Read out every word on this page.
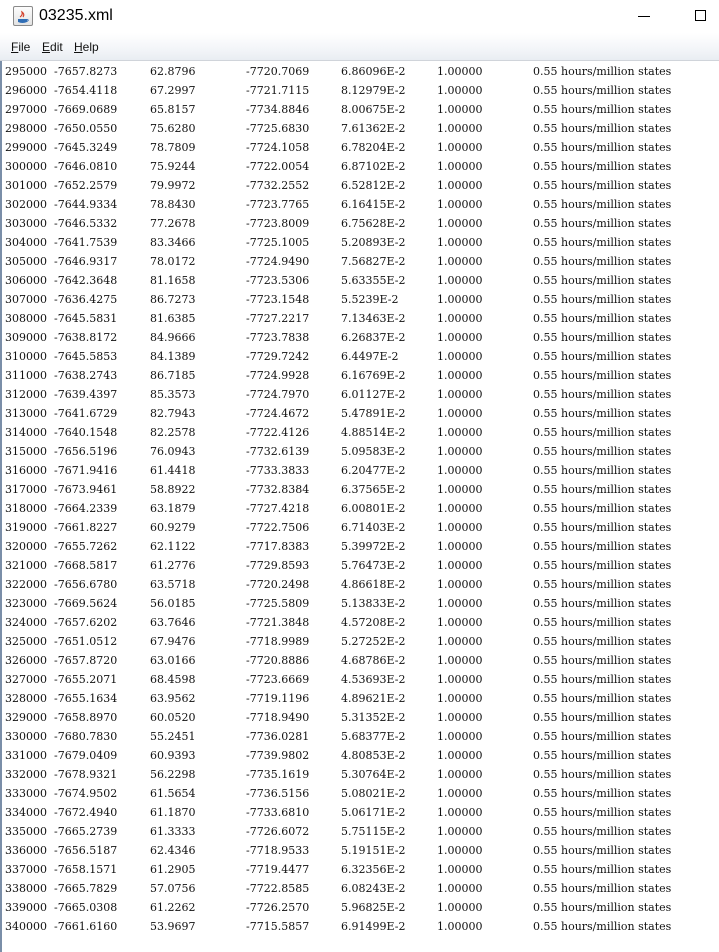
03235.xml
File Edit Help
295000 -7657.8273	62.8796	-7720.7069	6.86096E-2	1.00000	0.55 hours/million states
296000 -7654.4118	67.2997	-7721.7115	8.12979E-2	1.00000	0.55 hours/million states
297000 -7669.0689	65.8157	-7734.8846	8.00675E-2	1.00000	0.55 hours/million states
298000 -7650.0550	75.6280	-7725.6830	7.61362E-2	1.00000	0.55 hours/million states
299000 -7645.3249	78.7809	-7724.1058	6.78204E-2	1.00000	0.55 hours/million states
300000 -7646.0810	75.9244	-7722.0054	6.87102E-2	1.00000	0.55 hours/million states
301000 -7652.2579	79.9972	-7732.2552	6.52812E-2	1.00000	0.55 hours/million states
302000 -7644.9334	78.8430	-7723.7765	6.16415E-2	1.00000	0.55 hours/million states
303000 -7646.5332	77.2678	-7723.8009	6.75628E-2	1.00000	0.55 hours/million states
304000 -7641.7539	83.3466	-7725.1005	5.20893E-2	1.00000	0.55 hours/million states
305000 -7646.9317	78.0172	-7724.9490	7.56827E-2	1.00000	0.55 hours/million states
306000 -7642.3648	81.1658	-7723.5306	5.63355E-2	1.00000	0.55 hours/million states
307000 -7636.4275	86.7273	-7723.1548	5.5239E-2	1.00000	0.55 hours/million states
308000 -7645.5831	81.6385	-7727.2217	7.13463E-2	1.00000	0.55 hours/million states
309000 -7638.8172	84.9666	-7723.7838	6.26837E-2	1.00000	0.55 hours/million states
310000 -7645.5853	84.1389	-7729.7242	6.4497E-2	1.00000	0.55 hours/million states
311000 -7638.2743	86.7185	-7724.9928	6.16769E-2	1.00000	0.55 hours/million states
312000 -7639.4397	85.3573	-7724.7970	6.01127E-2	1.00000	0.55 hours/million states
313000 -7641.6729	82.7943	-7724.4672	5.47891E-2	1.00000	0.55 hours/million states
314000 -7640.1548	82.2578	-7722.4126	4.88514E-2	1.00000	0.55 hours/million states
315000 -7656.5196	76.0943	-7732.6139	5.09583E-2	1.00000	0.55 hours/million states
316000 -7671.9416	61.4418	-7733.3833	6.20477E-2	1.00000	0.55 hours/million states
317000 -7673.9461	58.8922	-7732.8384	6.37565E-2	1.00000	0.55 hours/million states
318000 -7664.2339	63.1879	-7727.4218	6.00801E-2	1.00000	0.55 hours/million states
319000 -7661.8227	60.9279	-7722.7506	6.71403E-2	1.00000	0.55 hours/million states
320000 -7655.7262	62.1122	-7717.8383	5.39972E-2	1.00000	0.55 hours/million states
321000 -7668.5817	61.2776	-7729.8593	5.76473E-2	1.00000	0.55 hours/million states
322000 -7656.6780	63.5718	-7720.2498	4.86618E-2	1.00000	0.55 hours/million states
323000 -7669.5624	56.0185	-7725.5809	5.13833E-2	1.00000	0.55 hours/million states
324000 -7657.6202	63.7646	-7721.3848	4.57208E-2	1.00000	0.55 hours/million states
325000 -7651.0512	67.9476	-7718.9989	5.27252E-2	1.00000	0.55 hours/million states
326000 -7657.8720	63.0166	-7720.8886	4.68786E-2	1.00000	0.55 hours/million states
327000 -7655.2071	68.4598	-7723.6669	4.53693E-2	1.00000	0.55 hours/million states
328000 -7655.1634	63.9562	-7719.1196	4.89621E-2	1.00000	0.55 hours/million states
329000 -7658.8970	60.0520	-7718.9490	5.31352E-2	1.00000	0.55 hours/million states
330000 -7680.7830	55.2451	-7736.0281	5.68377E-2	1.00000	0.55 hours/million states
331000 -7679.0409	60.9393	-7739.9802	4.80853E-2	1.00000	0.55 hours/million states
332000 -7678.9321	56.2298	-7735.1619	5.30764E-2	1.00000	0.55 hours/million states
333000 -7674.9502	61.5654	-7736.5156	5.08021E-2	1.00000	0.55 hours/million states
334000 -7672.4940	61.1870	-7733.6810	5.06171E-2	1.00000	0.55 hours/million states
335000 -7665.2739	61.3333	-7726.6072	5.75115E-2	1.00000	0.55 hours/million states
336000 -7656.5187	62.4346	-7718.9533	5.19151E-2	1.00000	0.55 hours/million states
337000 -7658.1571	61.2905	-7719.4477	6.32356E-2	1.00000	0.55 hours/million states
338000 -7665.7829	57.0756	-7722.8585	6.08243E-2	1.00000	0.55 hours/million states
339000 -7665.0308	61.2262	-7726.2570	5.96825E-2	1.00000	0.55 hours/million states
340000 -7661.6160	53.9697	-7715.5857	6.91499E-2	1.00000	0.55 hours/million states
